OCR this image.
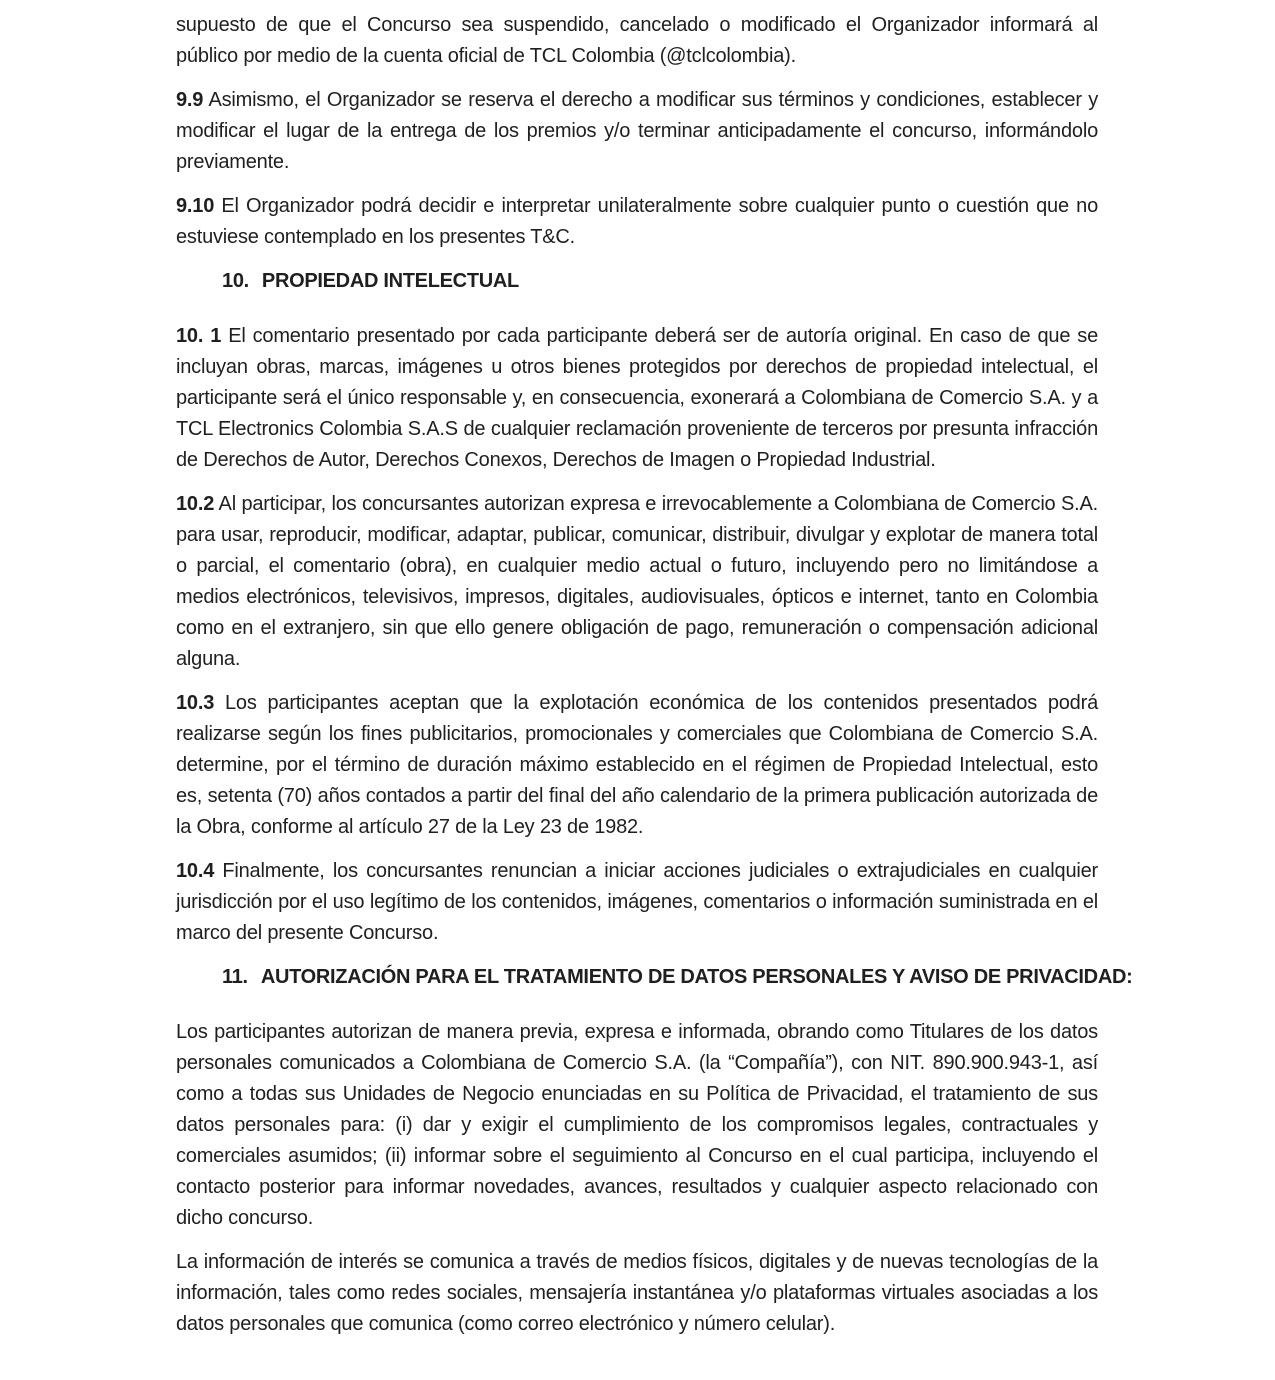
supuesto de que el Concurso sea suspendido, cancelado o modificado el Organizador informará al público por medio de la cuenta oficial de TCL Colombia (@tclcolombia).

9.9 Asimismo, el Organizador se reserva el derecho a modificar sus términos y condiciones, establecer y modificar el lugar de la entrega de los premios y/o terminar anticipadamente el concurso, informándolo previamente.

9.10 El Organizador podrá decidir e interpretar unilateralmente sobre cualquier punto o cuestión que no estuviese contemplado en los presentes T&C.

10. PROPIEDAD INTELECTUAL

10. 1 El comentario presentado por cada participante deberá ser de autoría original. En caso de que se incluyan obras, marcas, imágenes u otros bienes protegidos por derechos de propiedad intelectual, el participante será el único responsable y, en consecuencia, exonerará a Colombiana de Comercio S.A. y a TCL Electronics Colombia S.A.S de cualquier reclamación proveniente de terceros por presunta infracción de Derechos de Autor, Derechos Conexos, Derechos de Imagen o Propiedad Industrial.

10.2 Al participar, los concursantes autorizan expresa e irrevocablemente a Colombiana de Comercio S.A. para usar, reproducir, modificar, adaptar, publicar, comunicar, distribuir, divulgar y explotar de manera total o parcial, el comentario (obra), en cualquier medio actual o futuro, incluyendo pero no limitándose a medios electrónicos, televisivos, impresos, digitales, audiovisuales, ópticos e internet, tanto en Colombia como en el extranjero, sin que ello genere obligación de pago, remuneración o compensación adicional alguna.

10.3 Los participantes aceptan que la explotación económica de los contenidos presentados podrá realizarse según los fines publicitarios, promocionales y comerciales que Colombiana de Comercio S.A. determine, por el término de duración máximo establecido en el régimen de Propiedad Intelectual, esto es, setenta (70) años contados a partir del final del año calendario de la primera publicación autorizada de la Obra, conforme al artículo 27 de la Ley 23 de 1982.

10.4 Finalmente, los concursantes renuncian a iniciar acciones judiciales o extrajudiciales en cualquier jurisdicción por el uso legítimo de los contenidos, imágenes, comentarios o información suministrada en el marco del presente Concurso.

11. AUTORIZACIÓN PARA EL TRATAMIENTO DE DATOS PERSONALES Y AVISO DE PRIVACIDAD:

Los participantes autorizan de manera previa, expresa e informada, obrando como Titulares de los datos personales comunicados a Colombiana de Comercio S.A. (la “Compañía”), con NIT. 890.900.943-1, así como a todas sus Unidades de Negocio enunciadas en su Política de Privacidad, el tratamiento de sus datos personales para: (i) dar y exigir el cumplimiento de los compromisos legales, contractuales y comerciales asumidos; (ii) informar sobre el seguimiento al Concurso en el cual participa, incluyendo el contacto posterior para informar novedades, avances, resultados y cualquier aspecto relacionado con dicho concurso.

La información de interés se comunica a través de medios físicos, digitales y de nuevas tecnologías de la información, tales como redes sociales, mensajería instantánea y/o plataformas virtuales asociadas a los datos personales que comunica (como correo electrónico y número celular).
